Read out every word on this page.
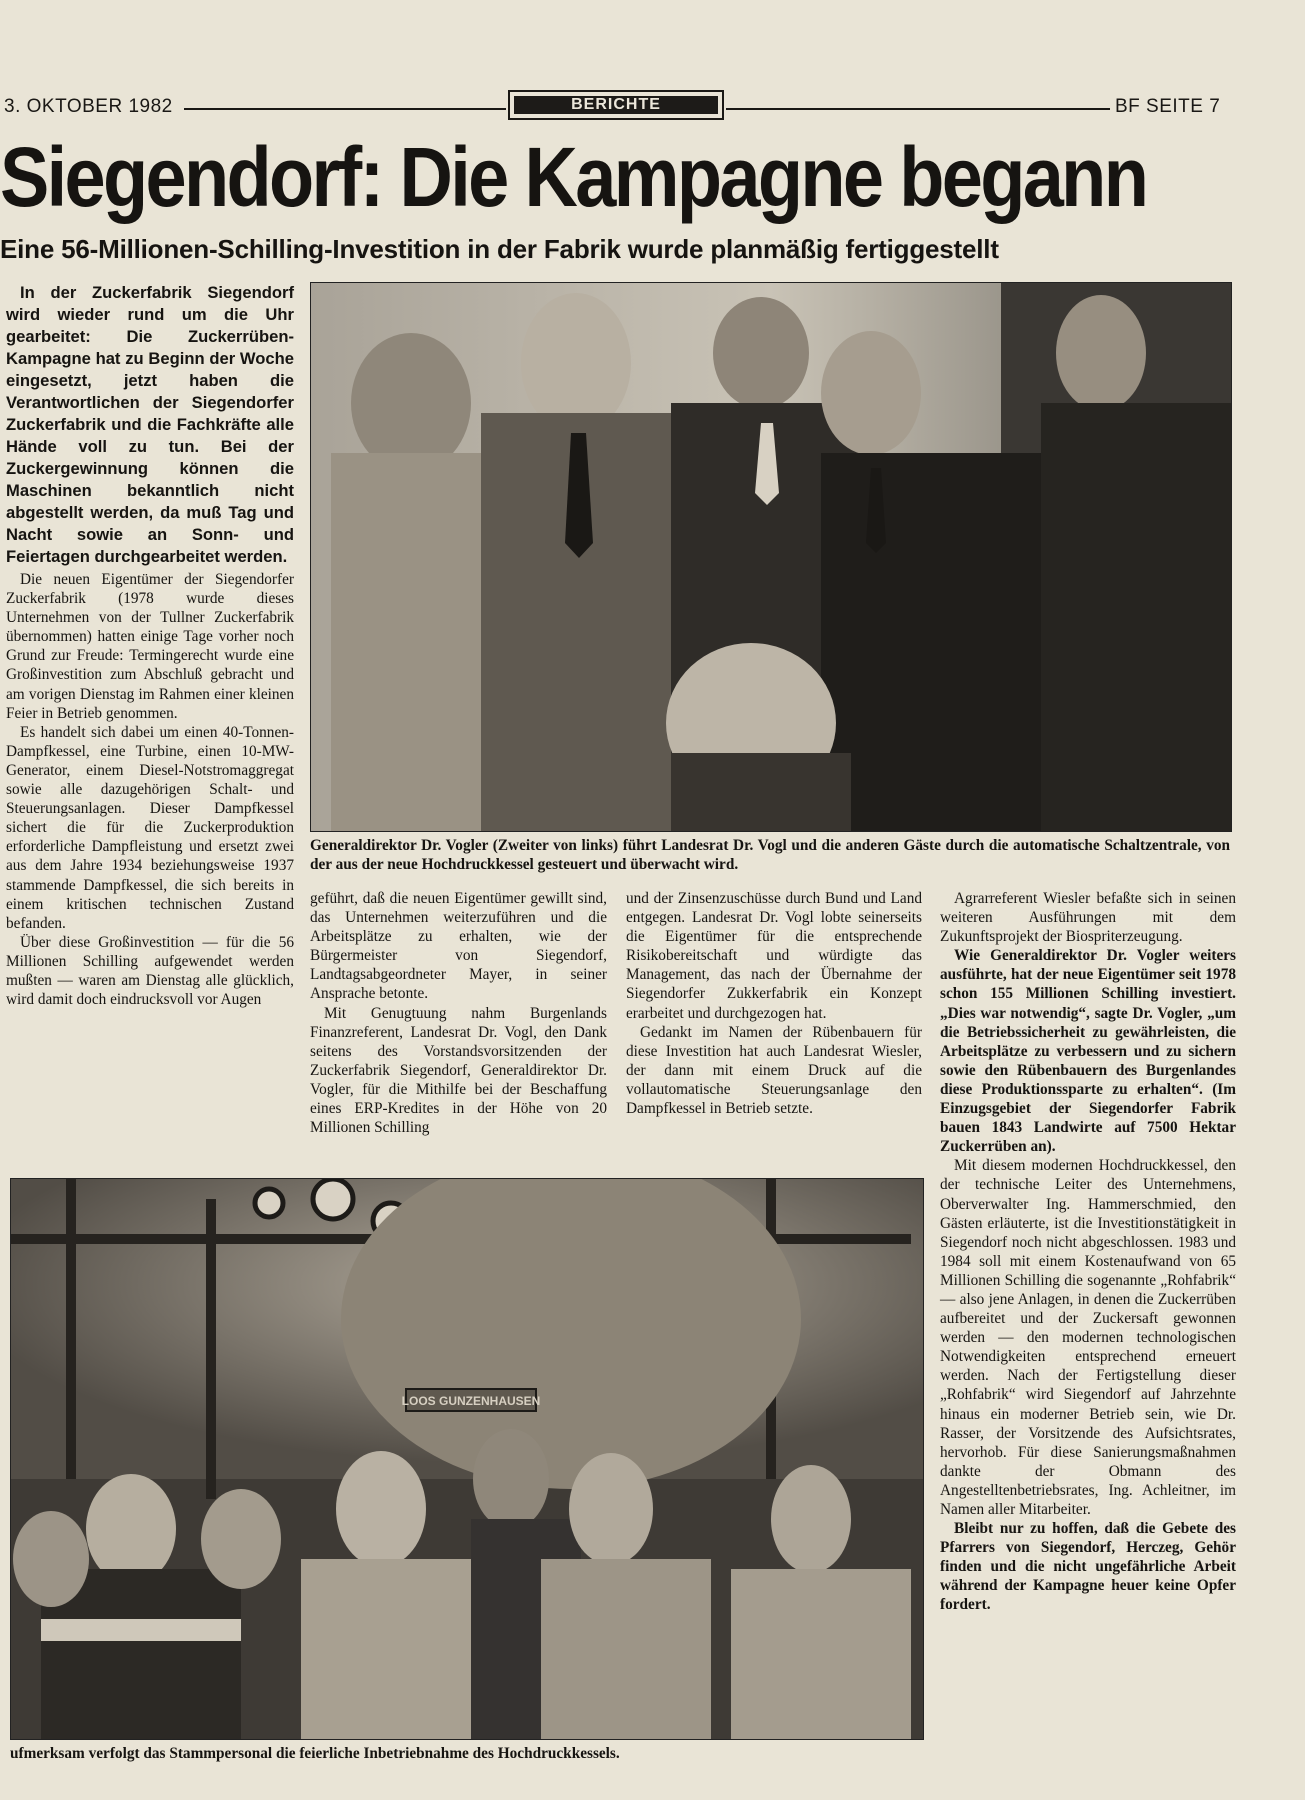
3. OKTOBER 1982	BERICHTE	BF SEITE 7
Siegendorf: Die Kampagne begann
Eine 56-Millionen-Schilling-Investition in der Fabrik wurde planmäßig fertiggestellt

In der Zuckerfabrik Siegendorf wird wieder rund um die Uhr gearbeitet: Die Zuckerrüben-Kampagne hat zu Beginn der Woche eingesetzt, jetzt haben die Verantwortlichen der Siegendorfer Zuckerfabrik und die Fachkräfte alle Hände voll zu tun. Bei der Zuckergewinnung können die Maschinen bekanntlich nicht abgestellt werden, da muß Tag und Nacht sowie an Sonn- und Feiertagen durchgearbeitet werden.

Die neuen Eigentümer der Siegendorfer Zuckerfabrik (1978 wurde dieses Unternehmen von der Tullner Zuckerfabrik übernommen) hatten einige Tage vorher noch Grund zur Freude: Termingerecht wurde eine Großinvestition zum Abschluß gebracht und am vorigen Dienstag im Rahmen einer kleinen Feier in Betrieb genommen.

Es handelt sich dabei um einen 40-Tonnen-Dampfkessel, eine Turbine, einen 10-MW-Generator, einem Diesel-Notstromaggregat sowie alle dazugehörigen Schalt- und Steuerungsanlagen. Dieser Dampfkessel sichert die für die Zuckerproduktion erforderliche Dampfleistung und ersetzt zwei aus dem Jahre 1934 beziehungsweise 1937 stammende Dampfkessel, die sich bereits in einem kritischen technischen Zustand befanden.

Über diese Großinvestition — für die 56 Millionen Schilling aufgewendet werden mußten — waren am Dienstag alle glücklich, wird damit doch eindrucksvoll vor Augen

Generaldirektor Dr. Vogler (Zweiter von links) führt Landesrat Dr. Vogl und die anderen Gäste durch die automatische Schaltzentrale, von der aus der neue Hochdruckkessel gesteuert und überwacht wird.

geführt, daß die neuen Eigentümer gewillt sind, das Unternehmen weiterzuführen und die Arbeitsplätze zu erhalten, wie der Bürgermeister von Siegendorf, Landtagsabgeordneter Mayer, in seiner Ansprache betonte.

Mit Genugtuung nahm Burgenlands Finanzreferent, Landesrat Dr. Vogl, den Dank seitens des Vorstandsvorsitzenden der Zuckerfabrik Siegendorf, Generaldirektor Dr. Vogler, für die Mithilfe bei der Beschaffung eines ERP-Kredites in der Höhe von 20 Millionen Schilling

und der Zinsenzuschüsse durch Bund und Land entgegen. Landesrat Dr. Vogl lobte seinerseits die Eigentümer für die entsprechende Risikobereitschaft und würdigte das Management, das nach der Übernahme der Siegendorfer Zukkerfabrik ein Konzept erarbeitet und durchgezogen hat.

Gedankt im Namen der Rübenbauern für diese Investition hat auch Landesrat Wiesler, der dann mit einem Druck auf die vollautomatische Steuerungsanlage den Dampfkessel in Betrieb setzte.

Agrarreferent Wiesler befaßte sich in seinen weiteren Ausführungen mit dem Zukunftsprojekt der Biospriterzeugung.

Wie Generaldirektor Dr. Vogler weiters ausführte, hat der neue Eigentümer seit 1978 schon 155 Millionen Schilling investiert. „Dies war notwendig“, sagte Dr. Vogler, „um die Betriebssicherheit zu gewährleisten, die Arbeitsplätze zu verbessern und zu sichern sowie den Rübenbauern des Burgenlandes diese Produktionssparte zu erhalten“. (Im Einzugsgebiet der Siegendorfer Fabrik bauen 1843 Landwirte auf 7500 Hektar Zuckerrüben an).

Mit diesem modernen Hochdruckkessel, den der technische Leiter des Unternehmens, Oberverwalter Ing. Hammerschmied, den Gästen erläuterte, ist die Investitionstätigkeit in Siegendorf noch nicht abgeschlossen. 1983 und 1984 soll mit einem Kostenaufwand von 65 Millionen Schilling die sogenannte „Rohfabrik“ — also jene Anlagen, in denen die Zuckerrüben aufbereitet und der Zuckersaft gewonnen werden — den modernen technologischen Notwendigkeiten entsprechend erneuert werden. Nach der Fertigstellung dieser „Rohfabrik“ wird Siegendorf auf Jahrzehnte hinaus ein moderner Betrieb sein, wie Dr. Rasser, der Vorsitzende des Aufsichtsrates, hervorhob. Für diese Sanierungsmaßnahmen dankte der Obmann des Angestelltenbetriebsrates, Ing. Achleitner, im Namen aller Mitarbeiter.

Bleibt nur zu hoffen, daß die Gebete des Pfarrers von Siegendorf, Herczeg, Gehör finden und die nicht ungefährliche Arbeit während der Kampagne heuer keine Opfer fordert.

LOOS GUNZENHAUSEN
ufmerksam verfolgt das Stammpersonal die feierliche Inbetriebnahme des Hochdruckkessels.
